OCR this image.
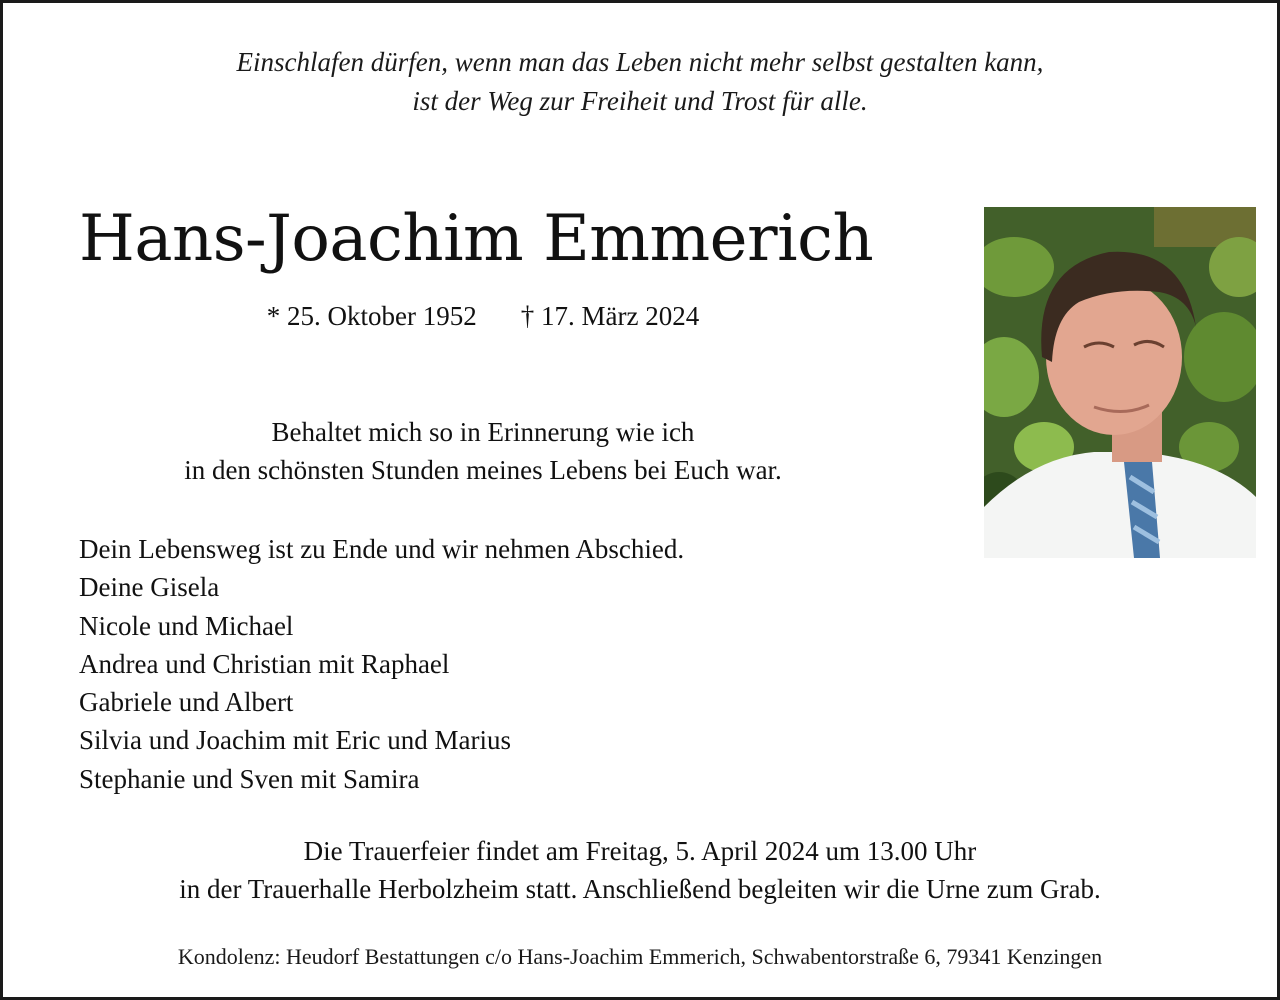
Einschlafen dürfen, wenn man das Leben nicht mehr selbst gestalten kann,
ist der Weg zur Freiheit und Trost für alle.
Hans-Joachim Emmerich
* 25. Oktober 1952 † 17. März 2024
Behaltet mich so in Erinnerung wie ich
in den schönsten Stunden meines Lebens bei Euch war.
Dein Lebensweg ist zu Ende und wir nehmen Abschied.
Deine Gisela
Nicole und Michael
Andrea und Christian mit Raphael
Gabriele und Albert
Silvia und Joachim mit Eric und Marius
Stephanie und Sven mit Samira
Die Trauerfeier findet am Freitag, 5. April 2024 um 13.00 Uhr
in der Trauerhalle Herbolzheim statt. Anschließend begleiten wir die Urne zum Grab.
Kondolenz: Heudorf Bestattungen c/o Hans-Joachim Emmerich, Schwabentorstraße 6, 79341 Kenzingen
